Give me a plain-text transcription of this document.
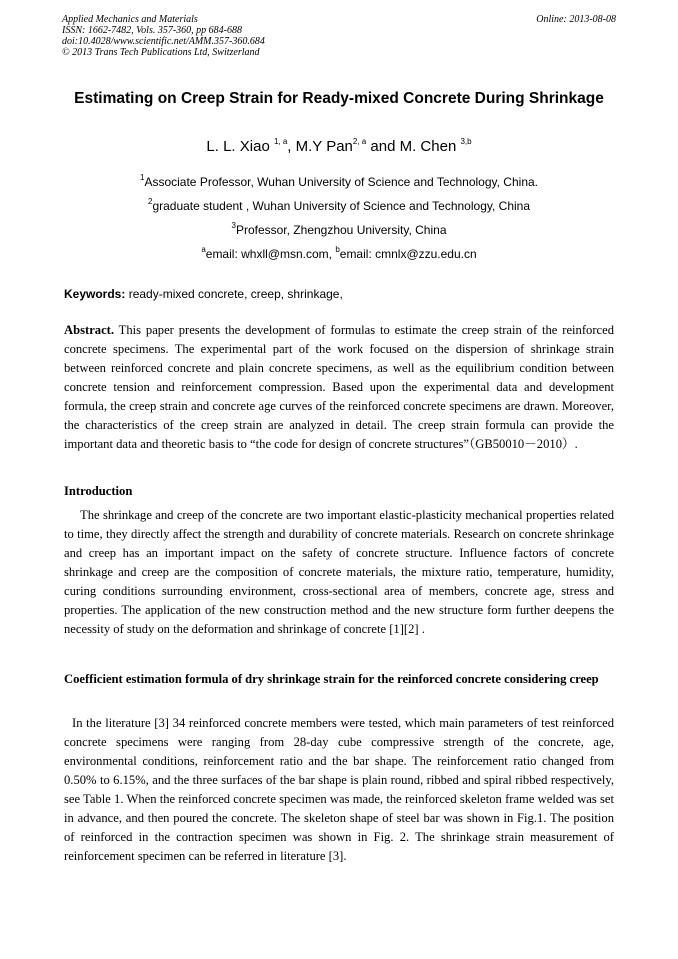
Applied Mechanics and Materials
ISSN: 1662-7482, Vols. 357-360, pp 684-688
doi:10.4028/www.scientific.net/AMM.357-360.684
© 2013 Trans Tech Publications Ltd, Switzerland
Online: 2013-08-08
Estimating on Creep Strain for Ready-mixed Concrete During Shrinkage
L. L. Xiao $^{1, a}$, M.Y Pan$^{2, a}$ and M. Chen $^{3,b}$
$^1$Associate Professor, Wuhan University of Science and Technology, China.
$^2$graduate student , Wuhan University of Science and Technology, China
$^3$Professor, Zhengzhou University, China
$^a$email: whxll@msn.com, $^b$email: cmnlx@zzu.edu.cn
Keywords: ready-mixed concrete, creep, shrinkage,
Abstract. This paper presents the development of formulas to estimate the creep strain of the reinforced concrete specimens. The experimental part of the work focused on the dispersion of shrinkage strain between reinforced concrete and plain concrete specimens, as well as the equilibrium condition between concrete tension and reinforcement compression. Based upon the experimental data and development formula, the creep strain and concrete age curves of the reinforced concrete specimens are drawn. Moreover, the characteristics of the creep strain are analyzed in detail. The creep strain formula can provide the important data and theoretic basis to “the code for design of concrete structures”（GB50010－2010）.
Introduction
The shrinkage and creep of the concrete are two important elastic-plasticity mechanical properties related to time, they directly affect the strength and durability of concrete materials. Research on concrete shrinkage and creep has an important impact on the safety of concrete structure. Influence factors of concrete shrinkage and creep are the composition of concrete materials, the mixture ratio, temperature, humidity, curing conditions surrounding environment, cross-sectional area of members, concrete age, stress and properties. The application of the new construction method and the new structure form further deepens the necessity of study on the deformation and shrinkage of concrete [1][2] .
Coefficient estimation formula of dry shrinkage strain for the reinforced concrete considering creep
In the literature [3] 34 reinforced concrete members were tested, which main parameters of test reinforced concrete specimens were ranging from 28-day cube compressive strength of the concrete, age, environmental conditions, reinforcement ratio and the bar shape. The reinforcement ratio changed from 0.50% to 6.15%, and the three surfaces of the bar shape is plain round, ribbed and spiral ribbed respectively, see Table 1. When the reinforced concrete specimen was made, the reinforced skeleton frame welded was set in advance, and then poured the concrete. The skeleton shape of steel bar was shown in Fig.1. The position of reinforced in the contraction specimen was shown in Fig. 2. The shrinkage strain measurement of reinforcement specimen can be referred in literature [3].
